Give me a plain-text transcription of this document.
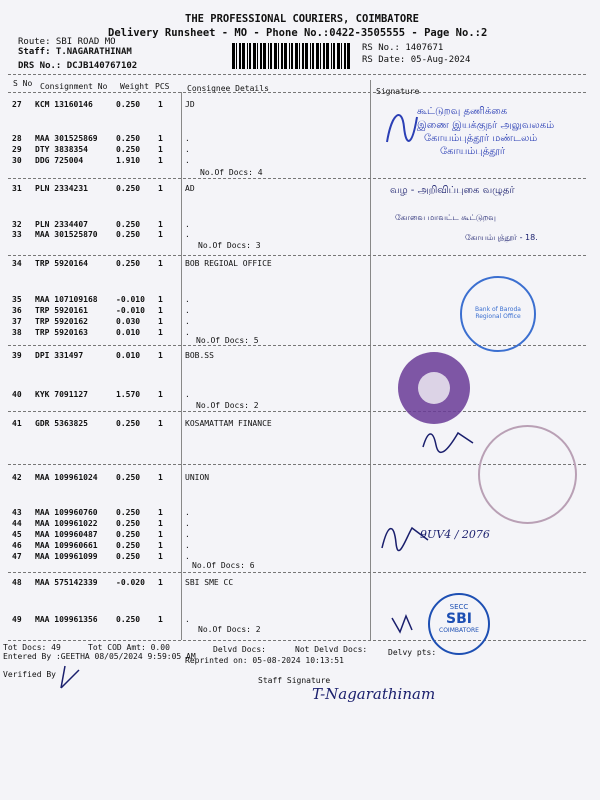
THE PROFESSIONAL COURIERS, COIMBATORE
Delivery Runsheet - MO - Phone No.:0422-3505555 - Page No.:2
Route: SBI ROAD MO
Staff: T.NAGARATHINAM
DRS No.: DCJB140767102
RS No.: 1407671
RS Date: 05-Aug-2024
S No Consignment No Weight PCS Consignee Details	Signature
27 KCM 13160146	0.250 1	JD
28 MAA 301525869 0.250 1	.
29 DTY 3838354	0.250 1	.
30 DDG 725004	1.910 1	.
31 PLN 2334231	0.250 1	AD
32 PLN 2334407	0.250 1	.
33 MAA 301525870 0.250 1	.
34 TRP 5920164	0.250 1	BOB REGIOAL OFFICE
35 MAA 107109168 -0.010 1	.
36 TRP 5920161	-0.010 1	.
37 TRP 5920162	0.030 1	.
38 TRP 5920163	0.010 1	.
39 DPI 331497	0.010 1	BOB.SS
40 KYK 7091127	1.570 1	.
41 GDR 5363825	0.250 1	KOSAMATTAM FINANCE
42 MAA 109961024 0.250 1	UNION
43 MAA 109960760 0.250 1	.
44 MAA 109961022 0.250 1	.
45 MAA 109960487 0.250 1	.
46 MAA 109960661 0.250 1	.
47 MAA 109961099 0.250 1	.
48 MAA 575142339 -0.020 1	SBI SME CC
49 MAA 109961356 0.250 1	.
No.Of Docs: 4
No.Of Docs: 3
No.Of Docs: 5
No.Of Docs: 2
No.Of Docs: 6
No.Of Docs: 2
கூட்டுறவு தணிக்கை
இணை இயக்குநர் அலுவலகம்
கோயம்புத்தூர் மண்டலம்
கோயம்புத்தூர்
வழ - அறிவிப்புகை வழுதர்
கோவை மாவட்ட கூட்டுறவு
கோயம்புத்தூர் - 18.
Bank of Baroda Regional Office
9UV4 / 2076
SECC
SBI
COIMBATORE
Tot Docs: 49	Tot COD Amt: 0.00	Delvd Docs:	Not Delvd Docs:	Delvy pts:
Entered By :GEETHA 08/05/2024 9:59:05 AM
Reprinted on: 05-08-2024 10:13:51
Verified By
Staff Signature
T-Nagarathinam
